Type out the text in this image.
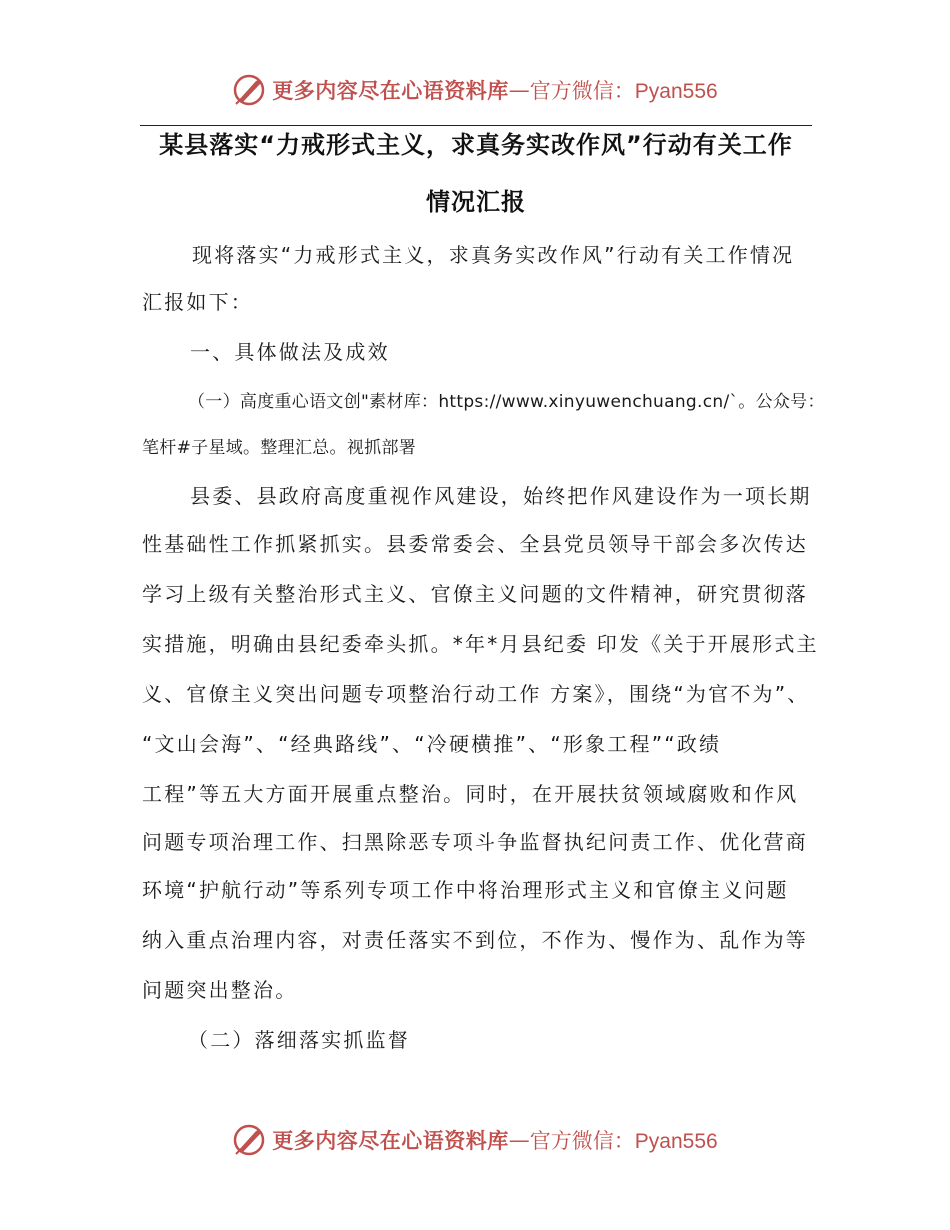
更多内容尽在心语资料库 — 官方微信：Pyan556
某县落实“力戒形式主义，求真务实改作风”行动有关工作
情况汇报
现将落实“力戒形式主义，求真务实改作风”行动有关工作情况
汇报如下：
一、具体做法及成效
（一）高度重心语文创"素材库：https://www.xinyuwenchuang.cn/`。公众号：
笔杆#子星域。整理汇总。视抓部署
县委、县政府高度重视作风建设，始终把作风建设作为一项长期
性基础性工作抓紧抓实。县委常委会、全县党员领导干部会多次传达
学习上级有关整治形式主义、官僚主义问题的文件精神，研究贯彻落
实措施，明确由县纪委牵头抓。*年*月县纪委 印发《关于开展形式主
义、官僚主义突出问题专项整治行动工作 方案》，围绕“为官不为”、
“文山会海”、“经典路线”、“冷硬横推”、“形象工程”“政绩
工程”等五大方面开展重点整治。同时，在开展扶贫领域腐败和作风
问题专项治理工作、扫黑除恶专项斗争监督执纪问责工作、优化营商
环境“护航行动”等系列专项工作中将治理形式主义和官僚主义问题
纳入重点治理内容，对责任落实不到位，不作为、慢作为、乱作为等
问题突出整治。
（二）落细落实抓监督
更多内容尽在心语资料库 — 官方微信：Pyan556
